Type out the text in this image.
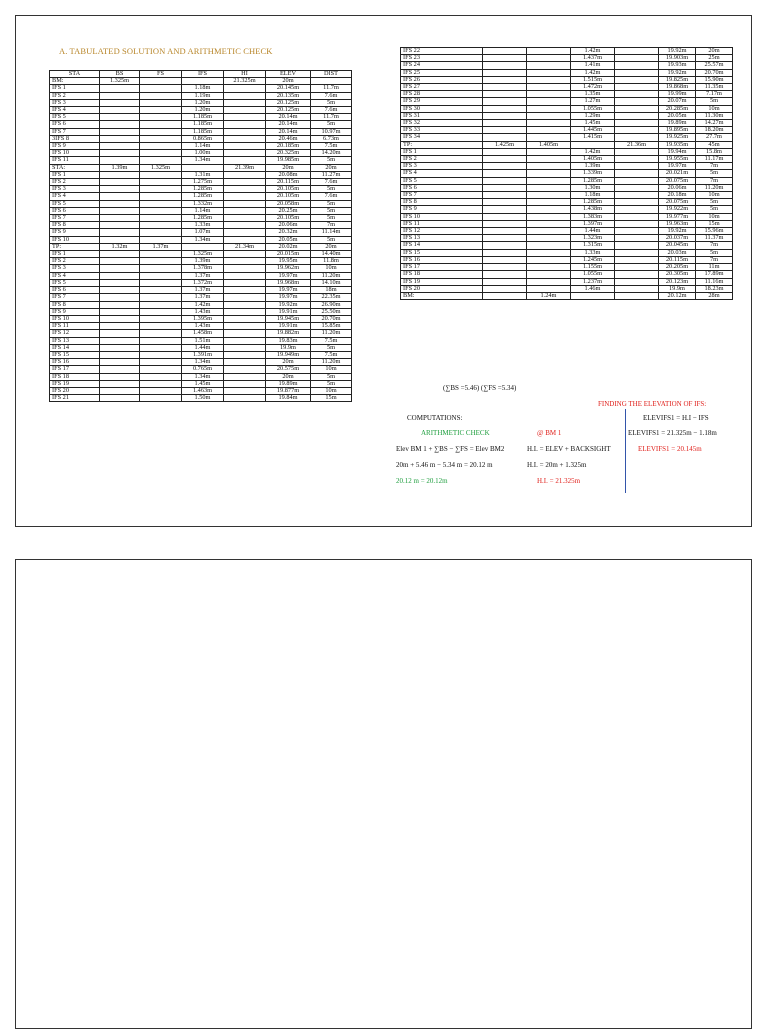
A. TABULATED SOLUTION AND ARITHMETIC CHECK
STA	BS	FS	IFS	HI	ELEV	DIST
BM:	1.325m			21.325m	20m	
IFS 1			1.18m		20.145m	11.7m
IFS 2			1.19m		20.135m	7.6m
IFS 3			1.20m		20.125m	5m
IFS 4			1.20m		20.125m	7.6m
IFS 5			1.185m		20.14m	11.7m
IFS 6			1.185m		20.14m	5m
IFS 7			1.185m		20.14m	10.97m
3IFS 8			0.865m		20.46m	6.73m
IFS 9			1.14m		20.185m	7.5m
IFS 10			1.00m		20.325m	14.20m
IFS 11			1.34m		19.985m	5m
STA:	1.39m	1.325m		21.39m	20m	20m
IFS 1			1.31m		20.08m	11.27m
IFS 2			1.275m		20.115m	7.6m
IFS 3			1.285m		20.105m	5m
IFS 4			1.285m		20.105m	7.6m
IFS 5			1.332m		20.058m	5m
IFS 6			1.14m		20.25m	5m
IFS 7			1.285m		20.105m	5m
IFS 8			1.33m		20.06m	7m
IFS 9			1.07m		20.32m	11.14m
IFS 10			1.34m		20.05m	5m
TP:	1.32m	1.37m		21.34m	20.02m	20m
IFS 1			1.325m		20.015m	14.40m
IFS 2			1.39m		19.95m	11.8m
IFS 3			1.378m		19.962m	10m
IFS 4			1.37m		19.97m	11.20m
IFS 5			1.372m		19.968m	14.10m
IFS 6			1.37m		19.97m	18m
IFS 7			1.37m		19.97m	22.35m
IFS 8			1.42m		19.92m	26.90m
IFS 9			1.43m		19.91m	25.50m
IFS 10			1.395m		19.945m	20.70m
IFS 11			1.43m		19.91m	15.85m
IFS 12			1.458m		19.882m	11.20m
IFS 13			1.51m		19.83m	7.5m
IFS 14			1.44m		19.9m	5m
IFS 15			1.391m		19.949m	7.5m
IFS 16			1.34m		20m	11.20m
IFS 17			0.765m		20.575m	10m
IFS 18			1.34m		20m	5m
IFS 19			1.45m		19.89m	5m
IFS 20			1.463m		19.877m	10m
IFS 21			1.50m		19.84m	15m
IFS 22			1.42m		19.92m	20m
IFS 23			1.437m		19.903m	25m
IFS 24			1.41m		19.93m	25.57m
IFS 25			1.42m		19.92m	20.70m
IFS 26			1.515m		19.825m	15.90m
IFS 27			1.472m		19.868m	11.35m
IFS 28			1.35m		19.99m	7.17m
IFS 29			1.27m		20.07m	5m
IFS 30			1.055m		20.285m	10m
IFS 31			1.29m		20.05m	11.30m
IFS 32			1.45m		19.89m	14.27m
IFS 33			1.445m		19.895m	18.20m
IFS 34			1.415m		19.925m	27.7m
TP:	1.425m	1.405m		21.36m	19.935m	45m
IFS 1			1.42m		19.94m	15.8m
IFS 2			1.405m		19.955m	11.17m
IFS 3			1.39m		19.97m	7m
IFS 4			1.339m		20.021m	5m
IFS 5			1.285m		20.075m	7m
IFS 6			1.30m		20.06m	11.20m
IFS 7			1.18m		20.18m	10m
IFS 8			1.285m		20.075m	5m
IFS 9			1.438m		19.922m	5m
IFS 10			1.383m		19.977m	10m
IFS 11			1.397m		19.963m	15m
IFS 12			1.44m		19.92m	15.96m
IFS 13			1.323m		20.037m	11.37m
IFS 14			1.315m		20.045m	7m
IFS 15			1.33m		20.03m	5m
IFS 16			1.245m		20.115m	7m
IFS 17			1.155m		20.205m	11m
IFS 18			1.055m		20.305m	17.89m
IFS 19			1.237m		20.123m	11.16m
IFS 20			1.46m		19.9m	18.23m
BM:		1.24m			20.12m	28m
(∑BS =5.46) (∑FS =5.34)
FINDING THE ELEVATION OF IFS:
COMPUTATIONS:
ARITHMETIC CHECK
Elev BM 1 + ∑BS − ∑FS = Elev BM2
20m + 5.46 m − 5.34 m = 20.12 m
20.12 m = 20.12m
@ BM 1
H.I. = ELEV + BACKSIGHT
H.I. = 20m + 1.325m
H.I. = 21.325m
ELEVIFS1 = H.I − IFS
ELEVIFS1 = 21.325m − 1.18m
ELEVIFS1 = 20.145m
